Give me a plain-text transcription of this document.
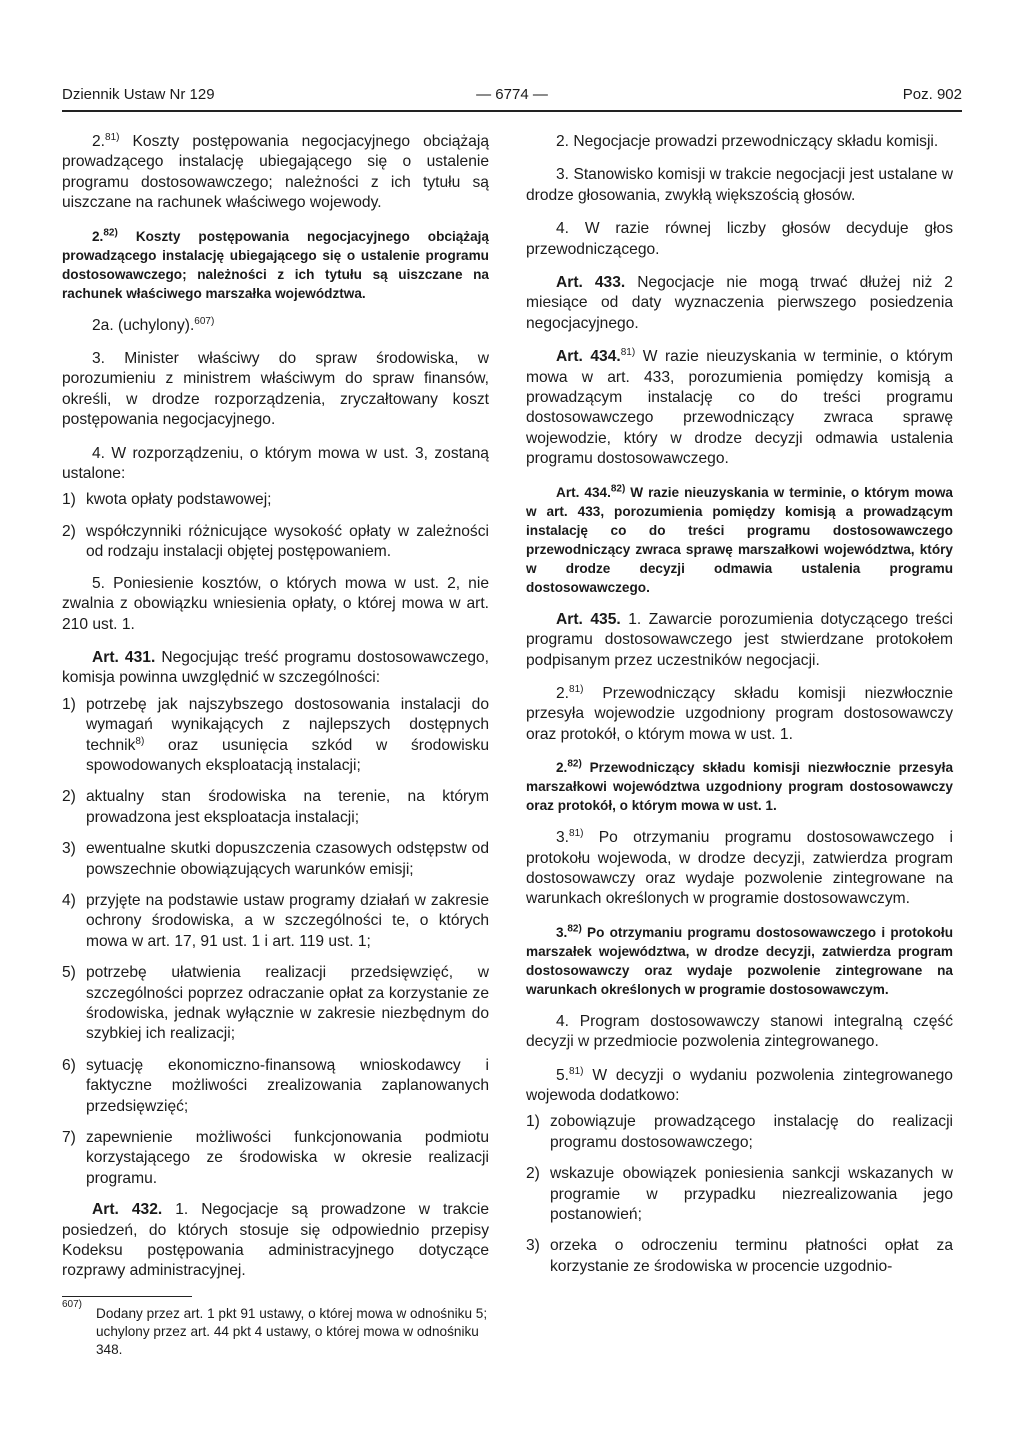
Dziennik Ustaw Nr 129	— 6774 —	Poz. 902

2.$^{81)}$ Koszty postępowania negocjacyjnego obciążają prowadzącego instalację ubiegającego się o ustalenie programu dostosowawczego; należności z ich tytułu są uiszczane na rachunek właściwego wojewody.

2.$^{82)}$ Koszty postępowania negocjacyjnego obciążają prowadzącego instalację ubiegającego się o ustalenie programu dostosowawczego; należności z ich tytułu są uiszczane na rachunek właściwego marszałka województwa.

2a. (uchylony).$^{607)}$

3. Minister właściwy do spraw środowiska, w porozumieniu z ministrem właściwym do spraw finansów, określi, w drodze rozporządzenia, zryczałtowany koszt postępowania negocjacyjnego.

4. W rozporządzeniu, o którym mowa w ust. 3, zostaną ustalone:

1) kwota opłaty podstawowej;
2) współczynniki różnicujące wysokość opłaty w zależności od rodzaju instalacji objętej postępowaniem.

5. Poniesienie kosztów, o których mowa w ust. 2, nie zwalnia z obowiązku wniesienia opłaty, o której mowa w art. 210 ust. 1.

Art. 431. Negocjując treść programu dostosowawczego, komisja powinna uwzględnić w szczególności:

1) potrzebę jak najszybszego dostosowania instalacji do wymagań wynikających z najlepszych dostępnych technik$^{8)}$ oraz usunięcia szkód w środowisku spowodowanych eksploatacją instalacji;
2) aktualny stan środowiska na terenie, na którym prowadzona jest eksploatacja instalacji;
3) ewentualne skutki dopuszczenia czasowych odstępstw od powszechnie obowiązujących warunków emisji;
4) przyjęte na podstawie ustaw programy działań w zakresie ochrony środowiska, a w szczególności te, o których mowa w art. 17, 91 ust. 1 i art. 119 ust. 1;
5) potrzebę ułatwienia realizacji przedsięwzięć, w szczególności poprzez odraczanie opłat za korzystanie ze środowiska, jednak wyłącznie w zakresie niezbędnym do szybkiej ich realizacji;
6) sytuację ekonomiczno-finansową wnioskodawcy i faktyczne możliwości zrealizowania zaplanowanych przedsięwzięć;
7) zapewnienie możliwości funkcjonowania podmiotu korzystającego ze środowiska w okresie realizacji programu.

Art. 432. 1. Negocjacje są prowadzone w trakcie posiedzeń, do których stosuje się odpowiednio przepisy Kodeksu postępowania administracyjnego dotyczące rozprawy administracyjnej.

607)
Dodany przez art. 1 pkt 91 ustawy, o której mowa w odnośniku 5; uchylony przez art. 44 pkt 4 ustawy, o której mowa w odnośniku 348.

2. Negocjacje prowadzi przewodniczący składu komisji.

3. Stanowisko komisji w trakcie negocjacji jest ustalane w drodze głosowania, zwykłą większością głosów.

4. W razie równej liczby głosów decyduje głos przewodniczącego.

Art. 433. Negocjacje nie mogą trwać dłużej niż 2 miesiące od daty wyznaczenia pierwszego posiedzenia negocjacyjnego.

Art. 434.$^{81)}$ W razie nieuzyskania w terminie, o którym mowa w art. 433, porozumienia pomiędzy komisją a prowadzącym instalację co do treści programu dostosowawczego przewodniczący zwraca sprawę wojewodzie, który w drodze decyzji odmawia ustalenia programu dostosowawczego.

Art. 434.$^{82)}$ W razie nieuzyskania w terminie, o którym mowa w art. 433, porozumienia pomiędzy komisją a prowadzącym instalację co do treści programu dostosowawczego przewodniczący zwraca sprawę marszałkowi województwa, który w drodze decyzji odmawia ustalenia programu dostosowawczego.

Art. 435. 1. Zawarcie porozumienia dotyczącego treści programu dostosowawczego jest stwierdzane protokołem podpisanym przez uczestników negocjacji.

2.$^{81)}$ Przewodniczący składu komisji niezwłocznie przesyła wojewodzie uzgodniony program dostosowawczy oraz protokół, o którym mowa w ust. 1.

2.$^{82)}$ Przewodniczący składu komisji niezwłocznie przesyła marszałkowi województwa uzgodniony program dostosowawczy oraz protokół, o którym mowa w ust. 1.

3.$^{81)}$ Po otrzymaniu programu dostosowawczego i protokołu wojewoda, w drodze decyzji, zatwierdza program dostosowawczy oraz wydaje pozwolenie zintegrowane na warunkach określonych w programie dostosowawczym.

3.$^{82)}$ Po otrzymaniu programu dostosowawczego i protokołu marszałek województwa, w drodze decyzji, zatwierdza program dostosowawczy oraz wydaje pozwolenie zintegrowane na warunkach określonych w programie dostosowawczym.

4. Program dostosowawczy stanowi integralną część decyzji w przedmiocie pozwolenia zintegrowanego.

5.$^{81)}$ W decyzji o wydaniu pozwolenia zintegrowanego wojewoda dodatkowo:

1) zobowiązuje prowadzącego instalację do realizacji programu dostosowawczego;
2) wskazuje obowiązek poniesienia sankcji wskazanych w programie w przypadku niezrealizowania jego postanowień;
3) orzeka o odroczeniu terminu płatności opłat za korzystanie ze środowiska w procencie uzgodnio-
